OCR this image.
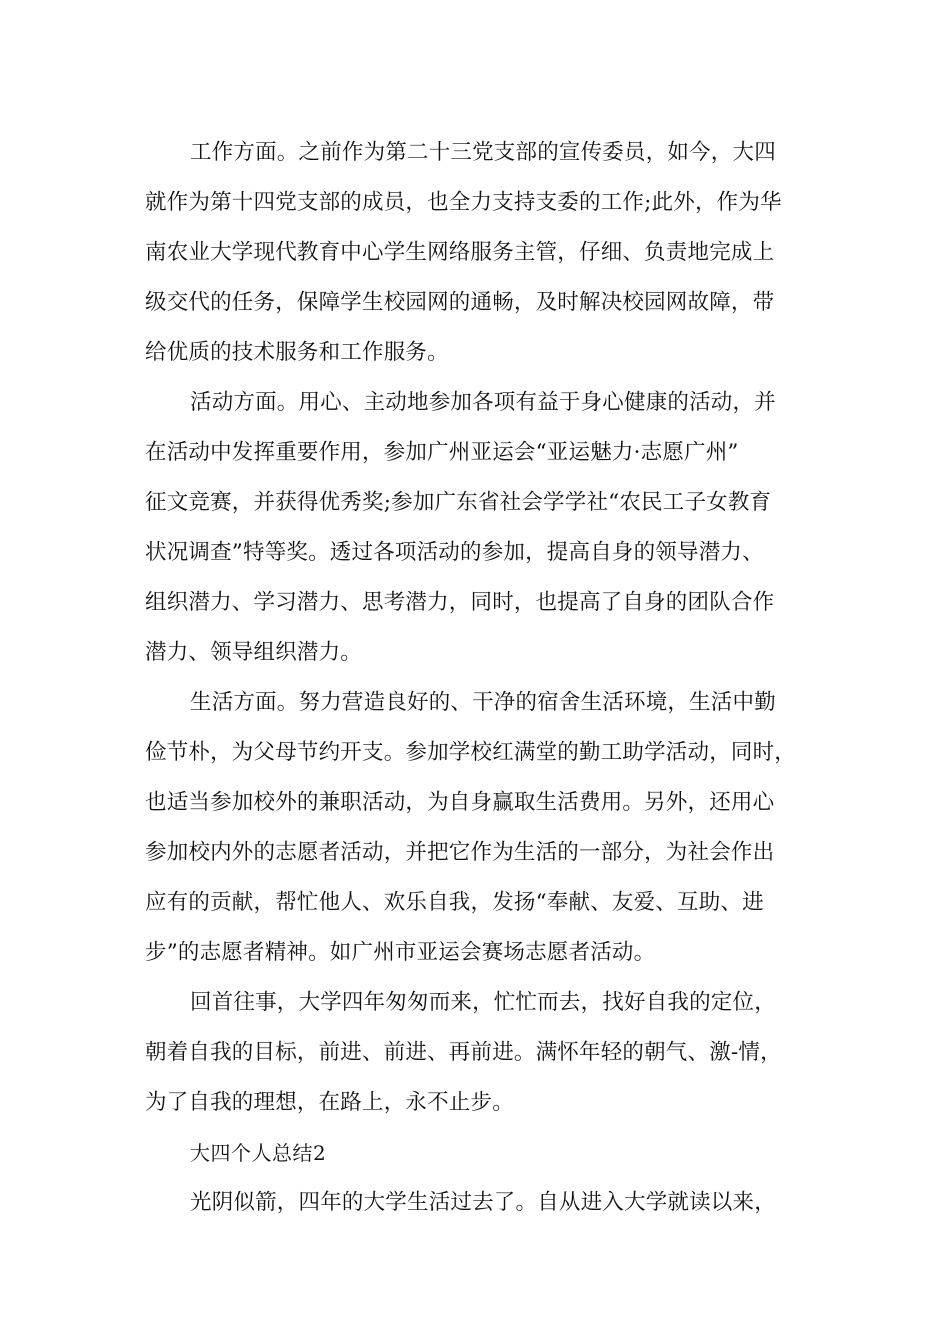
工作方面。之前作为第二十三党支部的宣传委员，如今，大四
就作为第十四党支部的成员，也全力支持支委的工作;此外，作为华
南农业大学现代教育中心学生网络服务主管，仔细、负责地完成上
级交代的任务，保障学生校园网的通畅，及时解决校园网故障，带
给优质的技术服务和工作服务。
活动方面。用心、主动地参加各项有益于身心健康的活动，并
在活动中发挥重要作用，参加广州亚运会“亚运魅力·志愿广州”
征文竞赛，并获得优秀奖;参加广东省社会学学社“农民工子女教育
状况调查”特等奖。透过各项活动的参加，提高自身的领导潜力、
组织潜力、学习潜力、思考潜力，同时，也提高了自身的团队合作
潜力、领导组织潜力。
生活方面。努力营造良好的、干净的宿舍生活环境，生活中勤
俭节朴，为父母节约开支。参加学校红满堂的勤工助学活动，同时，
也适当参加校外的兼职活动，为自身赢取生活费用。另外，还用心
参加校内外的志愿者活动，并把它作为生活的一部分，为社会作出
应有的贡献，帮忙他人、欢乐自我，发扬“奉献、友爱、互助、进
步”的志愿者精神。如广州市亚运会赛场志愿者活动。
回首往事，大学四年匆匆而来，忙忙而去，找好自我的定位，
朝着自我的目标，前进、前进、再前进。满怀年轻的朝气、激-情，
为了自我的理想，在路上，永不止步。
大四个人总结2
光阴似箭，四年的大学生活过去了。自从进入大学就读以来，
